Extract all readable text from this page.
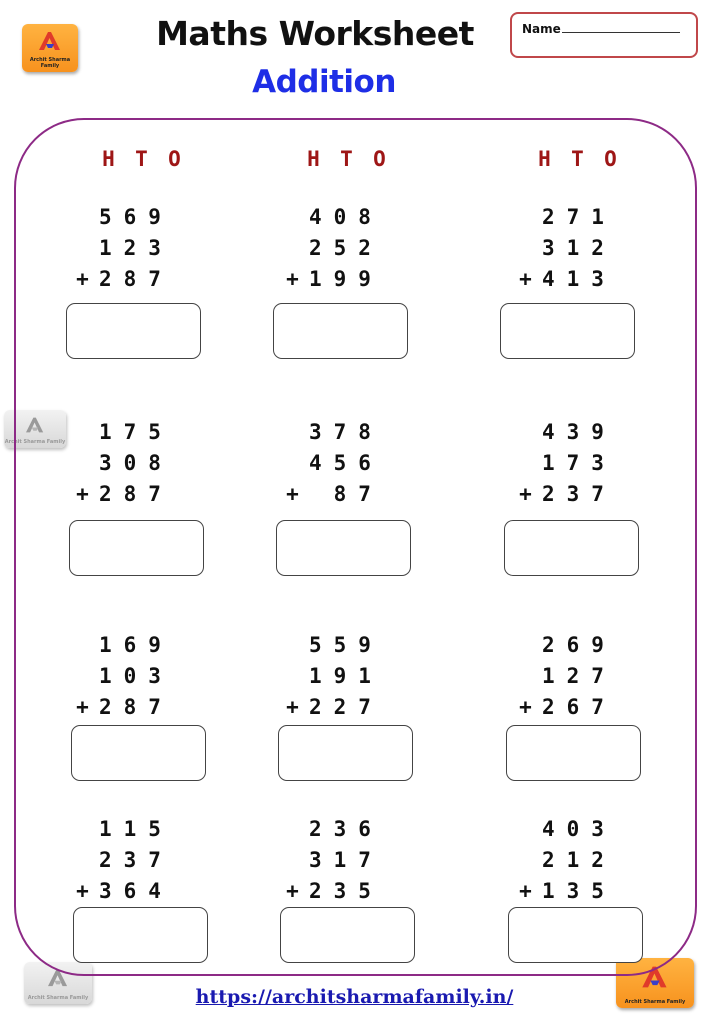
Archit Sharma Family
Archit Sharma Family
Archit Sharma Family
Archit Sharma Family
Maths Worksheet
Addition
Name
H T O	H T O	H T O
569
123
+ 287
408
252
+ 199
271
312
+ 413
175
308
+ 287
378
456
+ 87
439
173
+ 237
169
103
+ 287
559
191
+ 227
269
127
+ 267
115
237
+ 364
236
317
+ 235
403
212
+ 135
https://architsharmafamily.in/
